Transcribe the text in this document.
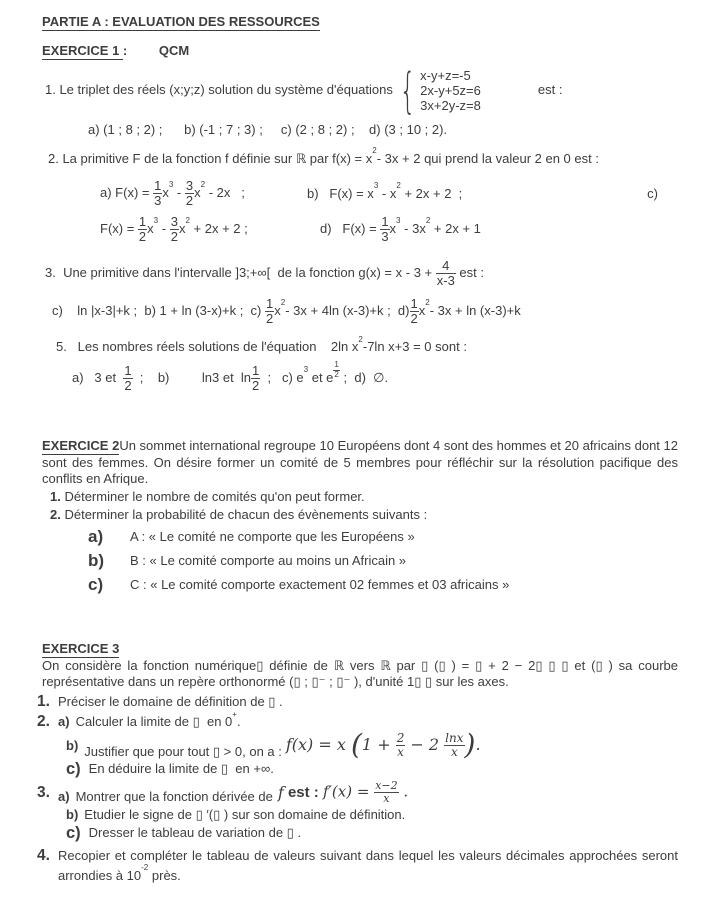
PARTIE A : EVALUATION DES RESSOURCES
EXERCICE 1 : QCM
1. Le triplet des réels (x;y;z) solution du système d'équations { x-y+z=-5
2x-y+5z=6
3x+2y-z=8
est :
a) (1 ; 8 ; 2) ;      b) (-1 ; 7 ; 3) ;     c) (2 ; 8 ; 2) ;    d) (3 ; 10 ; 2).
2. La primitive F de la fonction f définie sur ℝ par $f(x) = x^2-$ 3x + 2 qui prend la valeur 2 en 0 est :
a) $F(x) = \frac{1}{3} x^3 - \frac{3}{2} x^2 - 2x$   ;	b)   $F(x) = x^3 - x^2 + 2x + 2$  ;	c)
$F(x) = \frac{1}{2} x^3 - \frac{3}{2} x^2 + 2x + 2$ ;	d)   $F(x) = \frac{1}{3} x^3 - 3x^2 + 2x + 1$
3.  Une primitive dans l'intervalle ]3;+∞[  de la fonction $g(x) = x - 3 + \frac{4}{x-3}$ est :
c)    ln |x-3|+k ;  b) 1 + ln (3-x)+k ;  $c) \frac{1}{2} x^2-$ 3x + 4ln (x-3)+k ;  $d) \frac{1}{2} x^2-$ 3x + ln (x-3)+k
5.   Les nombres réels solutions de l'équation    2ln $x^2-7\ln$ x+3 = 0 sont :
a)   3 et $\frac{1}{2}$ ;    b)         ln3 et  $\ln \frac{1}{2}$ ;   c) $e^3$ et e $^{\frac{1}{2}}$ ;  d)  ∅.

EXERCICE 2Un sommet international regroupe 10 Européens dont 4 sont des hommes et 20 africains dont 12 sont des femmes. On désire former un comité de 5 membres pour réfléchir sur la résolution pacifique des conflits en Afrique.

1. Déterminer le nombre de comités qu'on peut former.
2. Déterminer la probabilité de chacun des évènements suivants :
a)	A : « Le comité ne comporte que les Européens »
b)	B : « Le comité comporte au moins un Africain »
c)	C : « Le comité comporte exactement 02 femmes et 03 africains »
EXERCICE 3

On considère la fonction numérique▯ définie de ℝ vers ℝ par ▯ (▯ ) = ▯ + 2 − 2▯ ▯ ▯ et (▯ ) sa courbe représentative dans un repère orthonormé (▯ ; ▯⁻ ; ▯⁻ ), d'unité 1▯ ▯ sur les axes.

1. Préciser le domaine de définition de ▯ .
2. a) Calculer la limite de ▯  en 0+.
b) Justifier que pour tout ▯ > 0, on a : f(x) = x ($1 + \frac{2}{x} - 2 \frac{\ln x}{x}$ ).
c) En déduire la limite de ▯  en +∞.
3. a) Montrer que la fonction dérivée de f est : $f'(x) = \frac{x-2}{x}$ .
b) Etudier le signe de ▯ ′(▯ ) sur son domaine de définition.
c) Dresser le tableau de variation de ▯ .
4. Recopier et compléter le tableau de valeurs suivant dans lequel les valeurs décimales approchées seront arrondies à $10^{-2}$ près.
